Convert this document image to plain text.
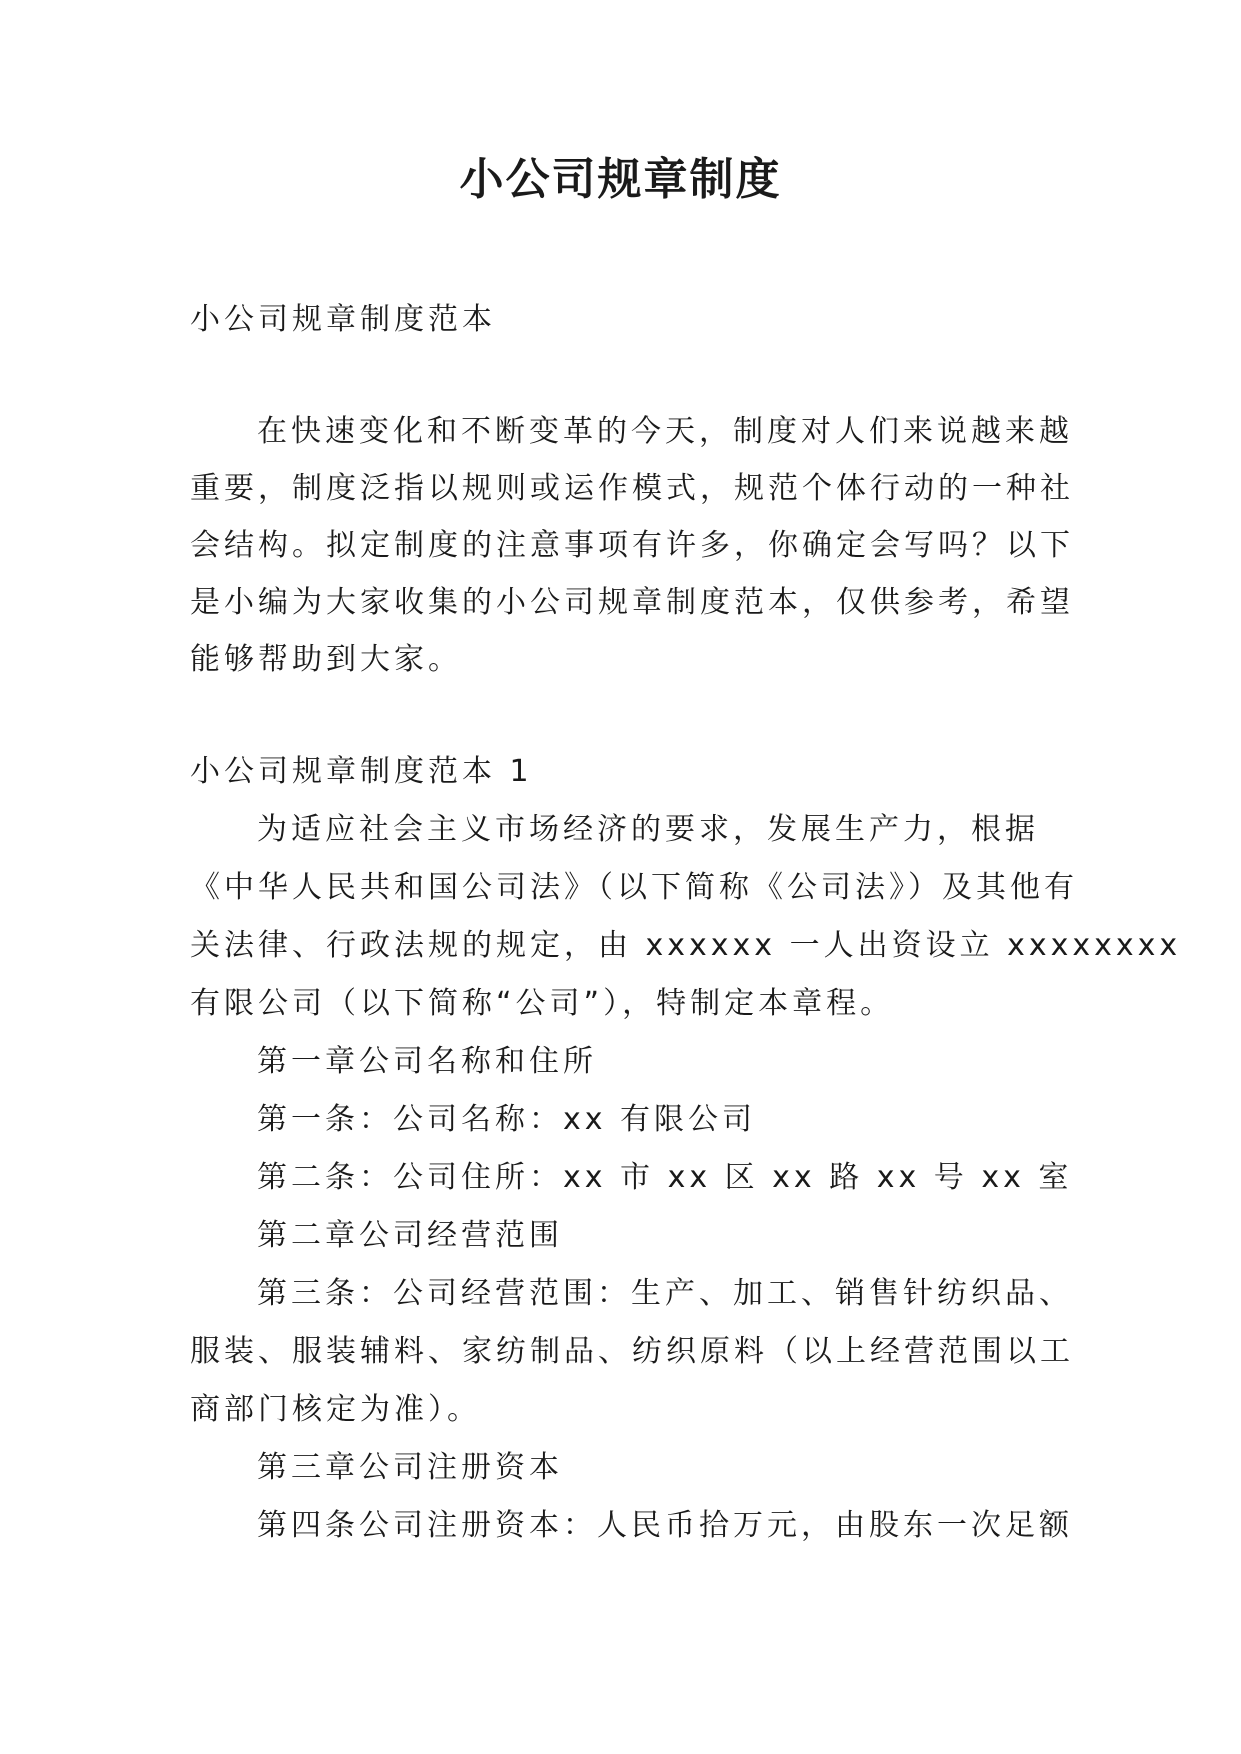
小公司规章制度
小公司规章制度范本
在快速变化和不断变革的今天，制度对人们来说越来越
重要，制度泛指以规则或运作模式，规范个体行动的一种社
会结构。拟定制度的注意事项有许多，你确定会写吗？以下
是小编为大家收集的小公司规章制度范本，仅供参考，希望
能够帮助到大家。
小公司规章制度范本 1
为适应社会主义市场经济的要求，发展生产力，根据
《中华人民共和国公司法》（以下简称《公司法》）及其他有
关法律、行政法规的规定，由 xxxxxx 一人出资设立 xxxxxxxx
有限公司（以下简称“公司”），特制定本章程。
第一章公司名称和住所
第一条：公司名称：xx 有限公司
第二条：公司住所：xx 市 xx 区 xx 路 xx 号 xx 室
第二章公司经营范围
第三条：公司经营范围：生产、加工、销售针纺织品、
服装、服装辅料、家纺制品、纺织原料（以上经营范围以工
商部门核定为准）。
第三章公司注册资本
第四条公司注册资本：人民币拾万元，由股东一次足额
